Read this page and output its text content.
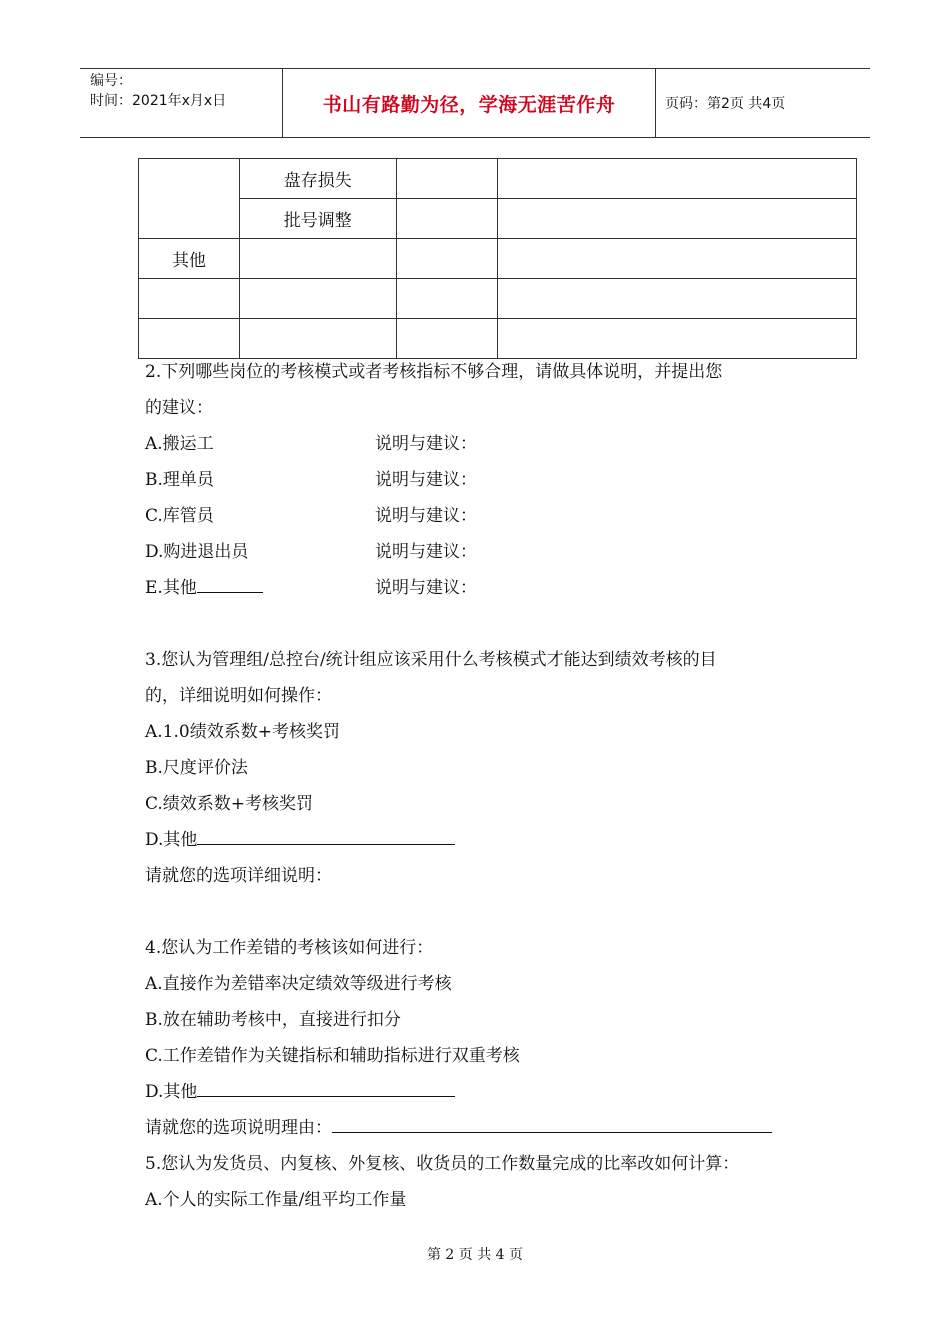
编号：
时间：2021年x月x日	书山有路勤为径，学海无涯苦作舟	页码：第2页 共4页
	盘存损失		
	批号调整		
其他			

2.下列哪些岗位的考核模式或者考核指标不够合理，请做具体说明，并提出您
的建议：
A.搬运工	说明与建议：
B.理单员	说明与建议：
C.库管员	说明与建议：
D.购进退出员	说明与建议：
E.其他	说明与建议：
3.您认为管理组/总控台/统计组应该采用什么考核模式才能达到绩效考核的目
的，详细说明如何操作：
A.1.0绩效系数+考核奖罚
B.尺度评价法
C.绩效系数+考核奖罚
D.其他
请就您的选项详细说明：
4.您认为工作差错的考核该如何进行：
A.直接作为差错率决定绩效等级进行考核
B.放在辅助考核中，直接进行扣分
C.工作差错作为关键指标和辅助指标进行双重考核
D.其他
请就您的选项说明理由：
5.您认为发货员、内复核、外复核、收货员的工作数量完成的比率改如何计算：
A.个人的实际工作量/组平均工作量
第 2 页 共 4 页
